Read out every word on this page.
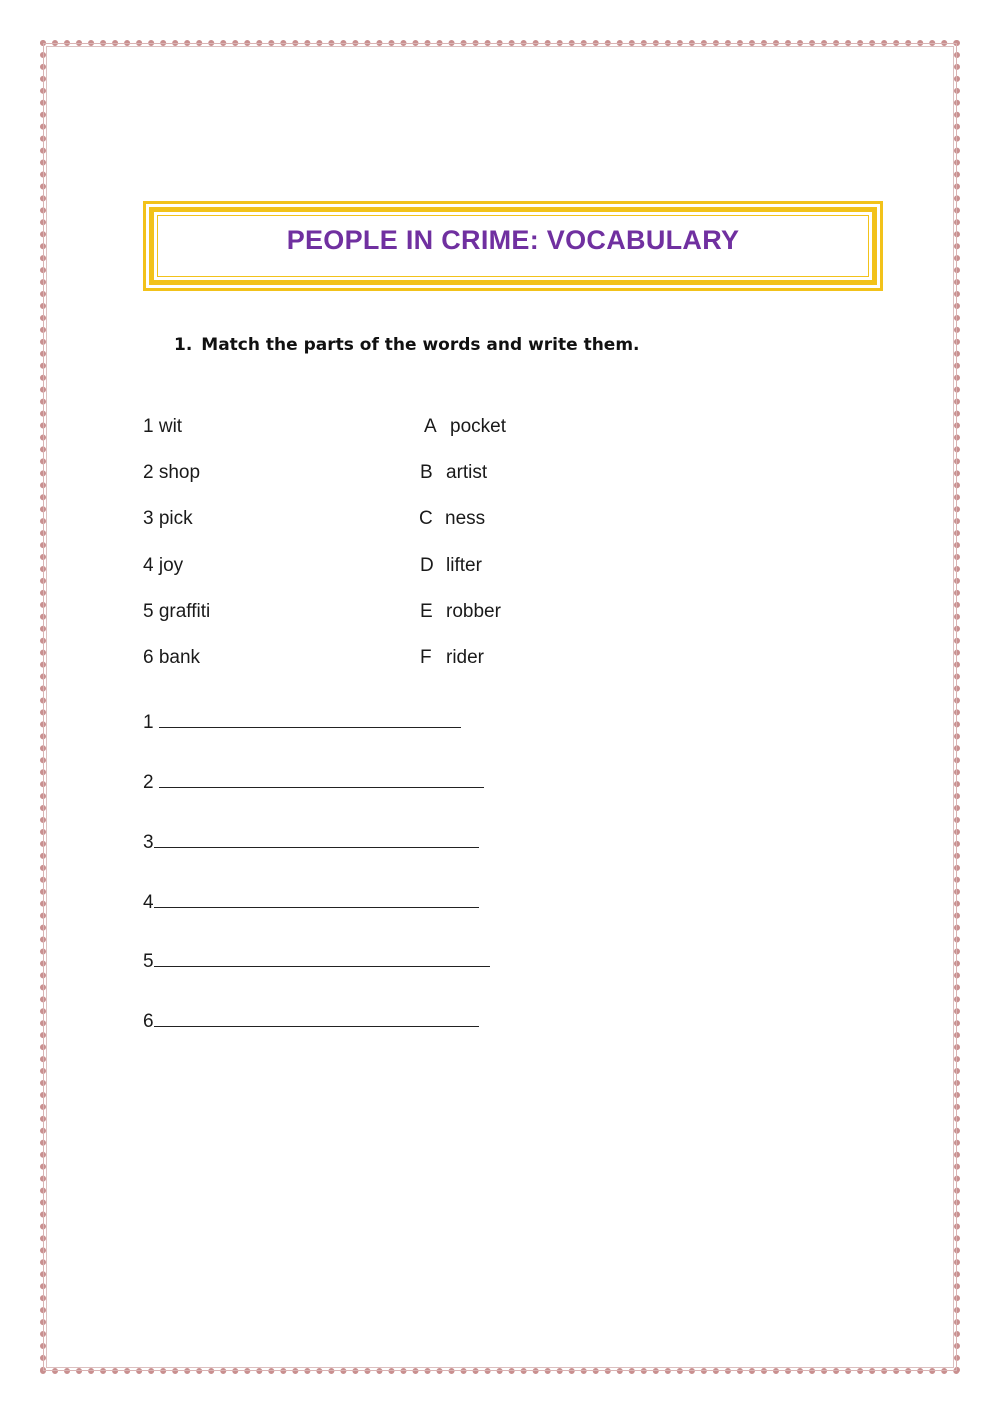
PEOPLE IN CRIME: VOCABULARY
1. Match the parts of the words and write them.
1 wit
2 shop
3 pick
4 joy
5 graffiti
6 bank
A pocket
B artist
C ness
D lifter
E robber
F rider
1
2
3
4
5
6
